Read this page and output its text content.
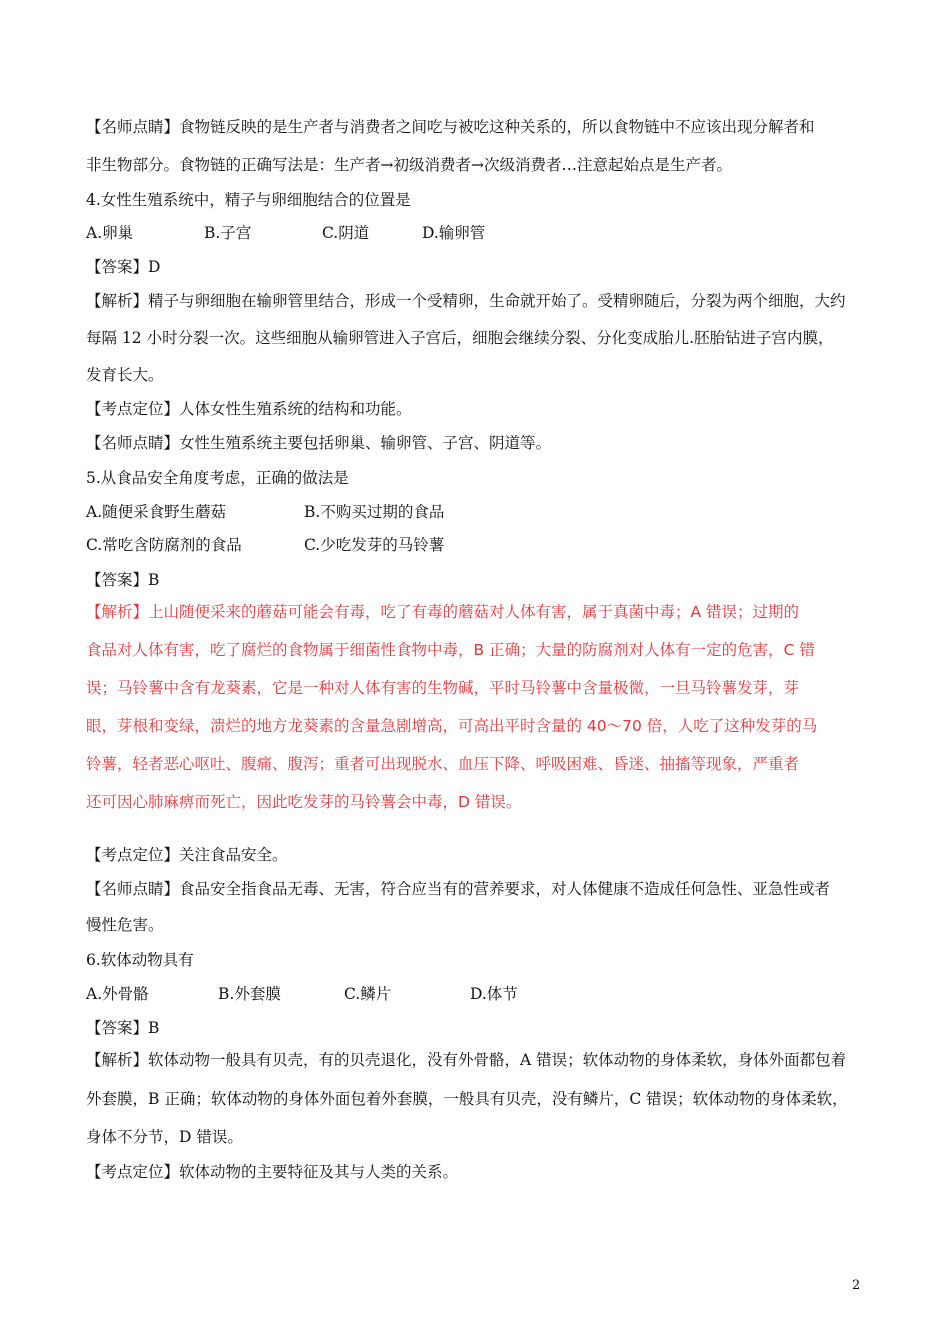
【名师点睛】食物链反映的是生产者与消费者之间吃与被吃这种关系的，所以食物链中不应该出现分解者和
非生物部分。食物链的正确写法是：生产者→初级消费者→次级消费者…注意起始点是生产者。
4.女性生殖系统中，精子与卵细胞结合的位置是
A.卵巢	B.子宫	C.阴道	D.输卵管
【答案】D
【解析】精子与卵细胞在输卵管里结合，形成一个受精卵，生命就开始了。受精卵随后，分裂为两个细胞，大约
每隔 12 小时分裂一次。这些细胞从输卵管进入子宫后，细胞会继续分裂、分化变成胎儿.胚胎钻进子宫内膜，
发育长大。
【考点定位】人体女性生殖系统的结构和功能。
【名师点睛】女性生殖系统主要包括卵巢、输卵管、子宫、阴道等。
5.从食品安全角度考虑，正确的做法是
A.随便采食野生蘑菇	B.不购买过期的食品
C.常吃含防腐剂的食品	C.少吃发芽的马铃薯
【答案】B
【解析】上山随便采来的蘑菇可能会有毒，吃了有毒的蘑菇对人体有害，属于真菌中毒；A 错误；过期的
食品对人体有害，吃了腐烂的食物属于细菌性食物中毒，B 正确；大量的防腐剂对人体有一定的危害，C 错
误；马铃薯中含有龙葵素，它是一种对人体有害的生物碱，平时马铃薯中含量极微，一旦马铃薯发芽，芽
眼，芽根和变绿，溃烂的地方龙葵素的含量急剧增高，可高出平时含量的 40～70 倍，人吃了这种发芽的马
铃薯，轻者恶心呕吐、腹痛、腹泻；重者可出现脱水、血压下降、呼吸困难、昏迷、抽搐等现象，严重者
还可因心肺麻痹而死亡，因此吃发芽的马铃薯会中毒，D 错误。
【考点定位】关注食品安全。
【名师点睛】食品安全指食品无毒、无害，符合应当有的营养要求，对人体健康不造成任何急性、亚急性或者
慢性危害。
6.软体动物具有
A.外骨骼	B.外套膜	C.鳞片	D.体节
【答案】B
【解析】软体动物一般具有贝壳，有的贝壳退化，没有外骨骼，A 错误；软体动物的身体柔软，身体外面都包着
外套膜，B 正确；软体动物的身体外面包着外套膜，一般具有贝壳，没有鳞片，C 错误；软体动物的身体柔软，
身体不分节，D 错误。
【考点定位】软体动物的主要特征及其与人类的关系。
2
